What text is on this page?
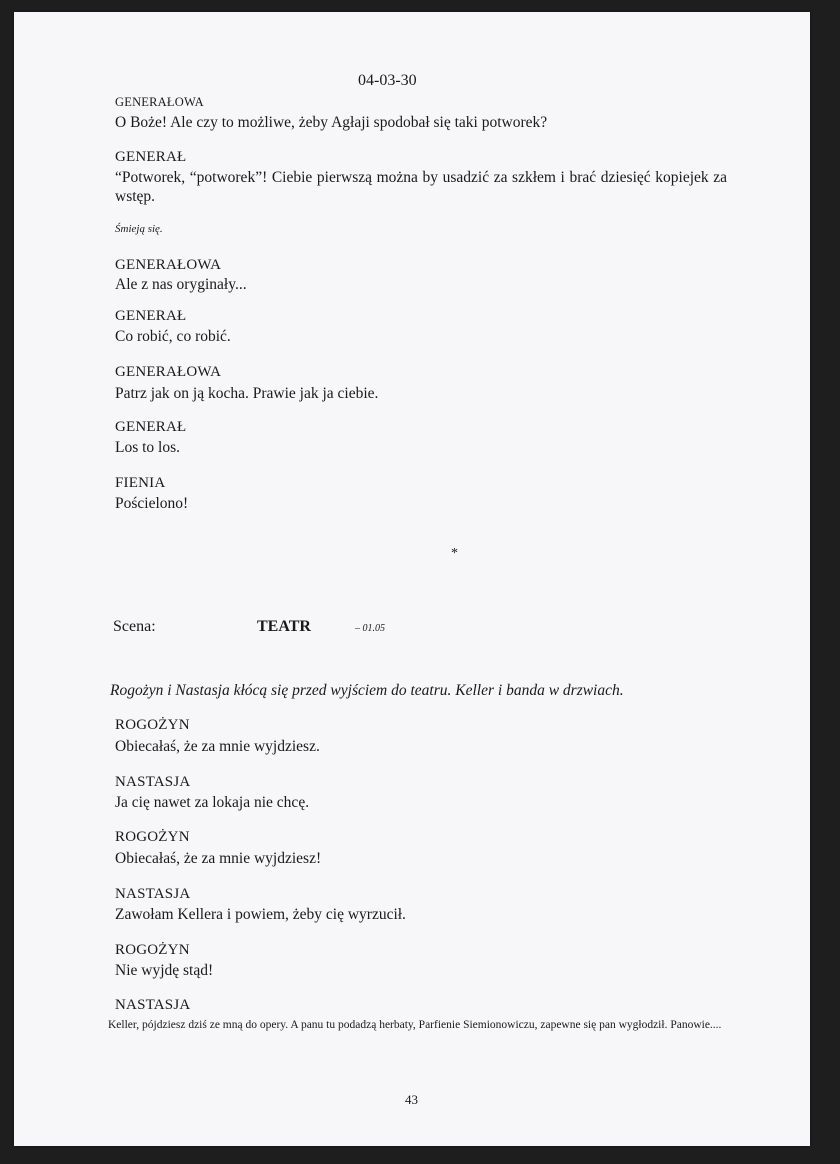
04-03-30
GENERAŁOWA
O Boże! Ale czy to możliwe, żeby Agłaji spodobał się taki potworek?
GENERAŁ
“Potworek, “potworek”! Ciebie pierwszą można by usadzić za szkłem i brać dziesięć kopiejek za wstęp.
Śmieją się.
GENERAŁOWA
Ale z nas oryginały...
GENERAŁ
Co robić, co robić.
GENERAŁOWA
Patrz jak on ją kocha. Prawie jak ja ciebie.
GENERAŁ
Los to los.
FIENIA
Pościelono!
*
Scena:	TEATR	– 01.05
Rogożyn i Nastasja kłócą się przed wyjściem do teatru. Keller i banda w drzwiach.
ROGOŻYN
Obiecałaś, że za mnie wyjdziesz.
NASTASJA
Ja cię nawet za lokaja nie chcę.
ROGOŻYN
Obiecałaś, że za mnie wyjdziesz!
NASTASJA
Zawołam Kellera i powiem, żeby cię wyrzucił.
ROGOŻYN
Nie wyjdę stąd!
NASTASJA
Keller, pójdziesz dziś ze mną do opery. A panu tu podadzą herbaty, Parfienie Siemionowiczu, zapewne się pan wygłodził. Panowie....
43
